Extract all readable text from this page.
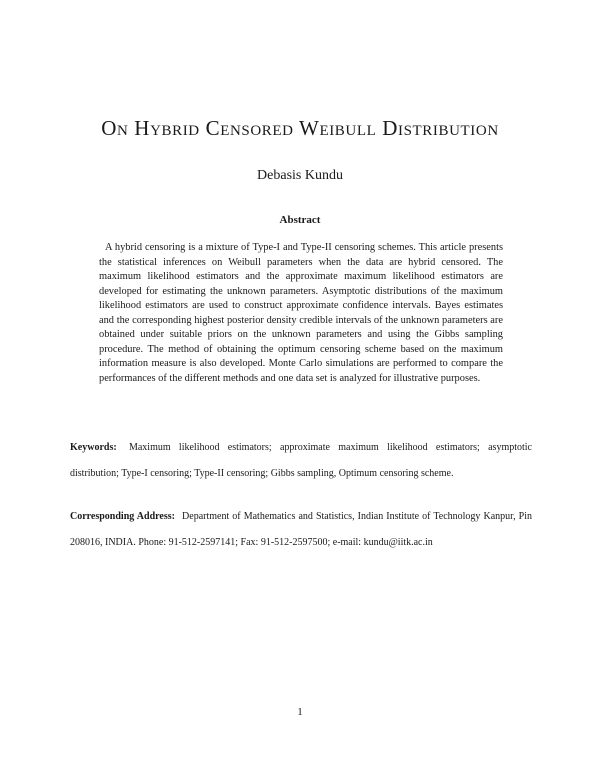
On Hybrid Censored Weibull Distribution

Debasis Kundu

Abstract

A hybrid censoring is a mixture of Type-I and Type-II censoring schemes. This article presents the statistical inferences on Weibull parameters when the data are hybrid censored. The maximum likelihood estimators and the approximate maximum likelihood estimators are developed for estimating the unknown parameters. Asymptotic distributions of the maximum likelihood estimators are used to construct approximate confidence intervals. Bayes estimates and the corresponding highest posterior density credible intervals of the unknown parameters are obtained under suitable priors on the unknown parameters and using the Gibbs sampling procedure. The method of obtaining the optimum censoring scheme based on the maximum information measure is also developed. Monte Carlo simulations are performed to compare the performances of the different methods and one data set is analyzed for illustrative purposes.

Keywords: Maximum likelihood estimators; approximate maximum likelihood estimators; asymptotic distribution; Type-I censoring; Type-II censoring; Gibbs sampling, Optimum censoring scheme.

Corresponding Address: Department of Mathematics and Statistics, Indian Institute of Technology Kanpur, Pin 208016, INDIA. Phone: 91-512-2597141; Fax: 91-512-2597500; e-mail: kundu@iitk.ac.in

1
